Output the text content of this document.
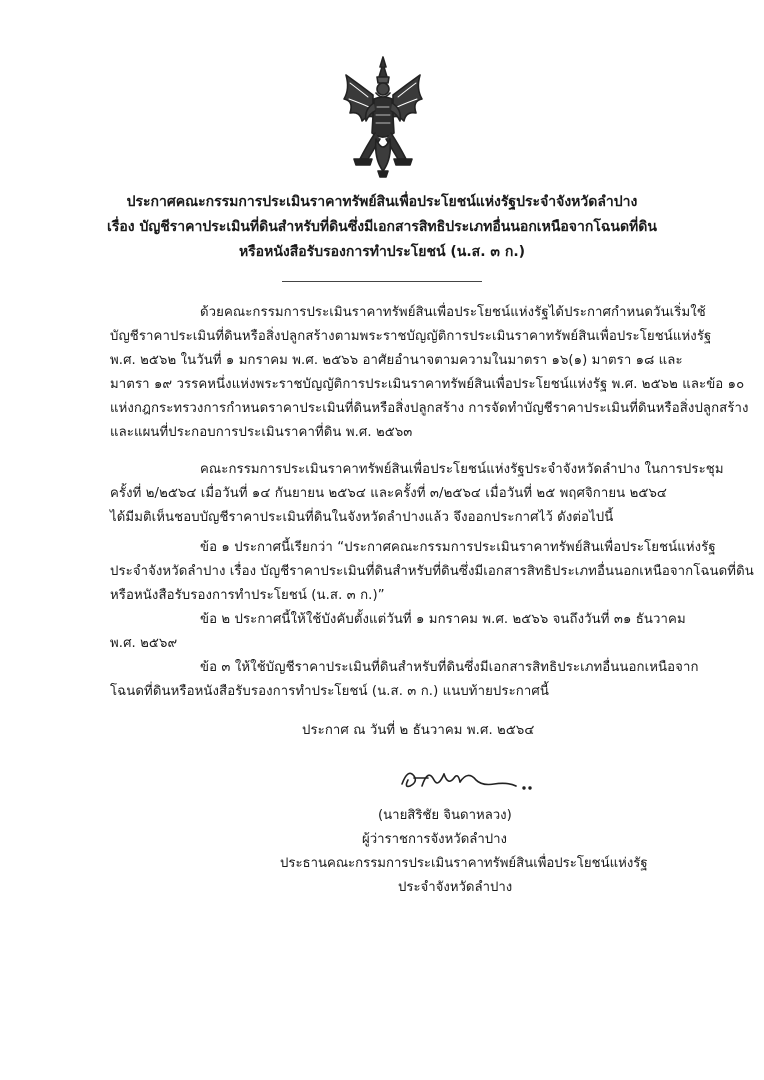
ประกาศคณะกรรมการประเมินราคาทรัพย์สินเพื่อประโยชน์แห่งรัฐประจำจังหวัดลำปาง
เรื่อง บัญชีราคาประเมินที่ดินสำหรับที่ดินซึ่งมีเอกสารสิทธิประเภทอื่นนอกเหนือจากโฉนดที่ดิน
หรือหนังสือรับรองการทำประโยชน์ (น.ส. ๓ ก.)
ด้วยคณะกรรมการประเมินราคาทรัพย์สินเพื่อประโยชน์แห่งรัฐได้ประกาศกำหนดวันเริ่มใช้
บัญชีราคาประเมินที่ดินหรือสิ่งปลูกสร้างตามพระราชบัญญัติการประเมินราคาทรัพย์สินเพื่อประโยชน์แห่งรัฐ
พ.ศ. ๒๕๖๒ ในวันที่ ๑ มกราคม พ.ศ. ๒๕๖๖ อาศัยอำนาจตามความในมาตรา ๑๖(๑) มาตรา ๑๘ และ
มาตรา ๑๙ วรรคหนึ่งแห่งพระราชบัญญัติการประเมินราคาทรัพย์สินเพื่อประโยชน์แห่งรัฐ พ.ศ. ๒๕๖๒ และข้อ ๑๐
แห่งกฎกระทรวงการกำหนดราคาประเมินที่ดินหรือสิ่งปลูกสร้าง การจัดทำบัญชีราคาประเมินที่ดินหรือสิ่งปลูกสร้าง
และแผนที่ประกอบการประเมินราคาที่ดิน พ.ศ. ๒๕๖๓
คณะกรรมการประเมินราคาทรัพย์สินเพื่อประโยชน์แห่งรัฐประจำจังหวัดลำปาง ในการประชุม
ครั้งที่ ๒/๒๕๖๔ เมื่อวันที่ ๑๔ กันยายน ๒๕๖๔ และครั้งที่ ๓/๒๕๖๔ เมื่อวันที่ ๒๕ พฤศจิกายน ๒๕๖๔
ได้มีมติเห็นชอบบัญชีราคาประเมินที่ดินในจังหวัดลำปางแล้ว จึงออกประกาศไว้ ดังต่อไปนี้
ข้อ ๑ ประกาศนี้เรียกว่า “ประกาศคณะกรรมการประเมินราคาทรัพย์สินเพื่อประโยชน์แห่งรัฐ
ประจำจังหวัดลำปาง เรื่อง บัญชีราคาประเมินที่ดินสำหรับที่ดินซึ่งมีเอกสารสิทธิประเภทอื่นนอกเหนือจากโฉนดที่ดิน
หรือหนังสือรับรองการทำประโยชน์ (น.ส. ๓ ก.)”
ข้อ ๒ ประกาศนี้ให้ใช้บังคับตั้งแต่วันที่ ๑ มกราคม พ.ศ. ๒๕๖๖ จนถึงวันที่ ๓๑ ธันวาคม
พ.ศ. ๒๕๖๙
ข้อ ๓ ให้ใช้บัญชีราคาประเมินที่ดินสำหรับที่ดินซึ่งมีเอกสารสิทธิประเภทอื่นนอกเหนือจาก
โฉนดที่ดินหรือหนังสือรับรองการทำประโยชน์ (น.ส. ๓ ก.) แนบท้ายประกาศนี้
ประกาศ ณ วันที่ ๒ ธันวาคม พ.ศ. ๒๕๖๔
(นายสิริชัย จินดาหลวง)
ผู้ว่าราชการจังหวัดลำปาง
ประธานคณะกรรมการประเมินราคาทรัพย์สินเพื่อประโยชน์แห่งรัฐ
ประจำจังหวัดลำปาง
